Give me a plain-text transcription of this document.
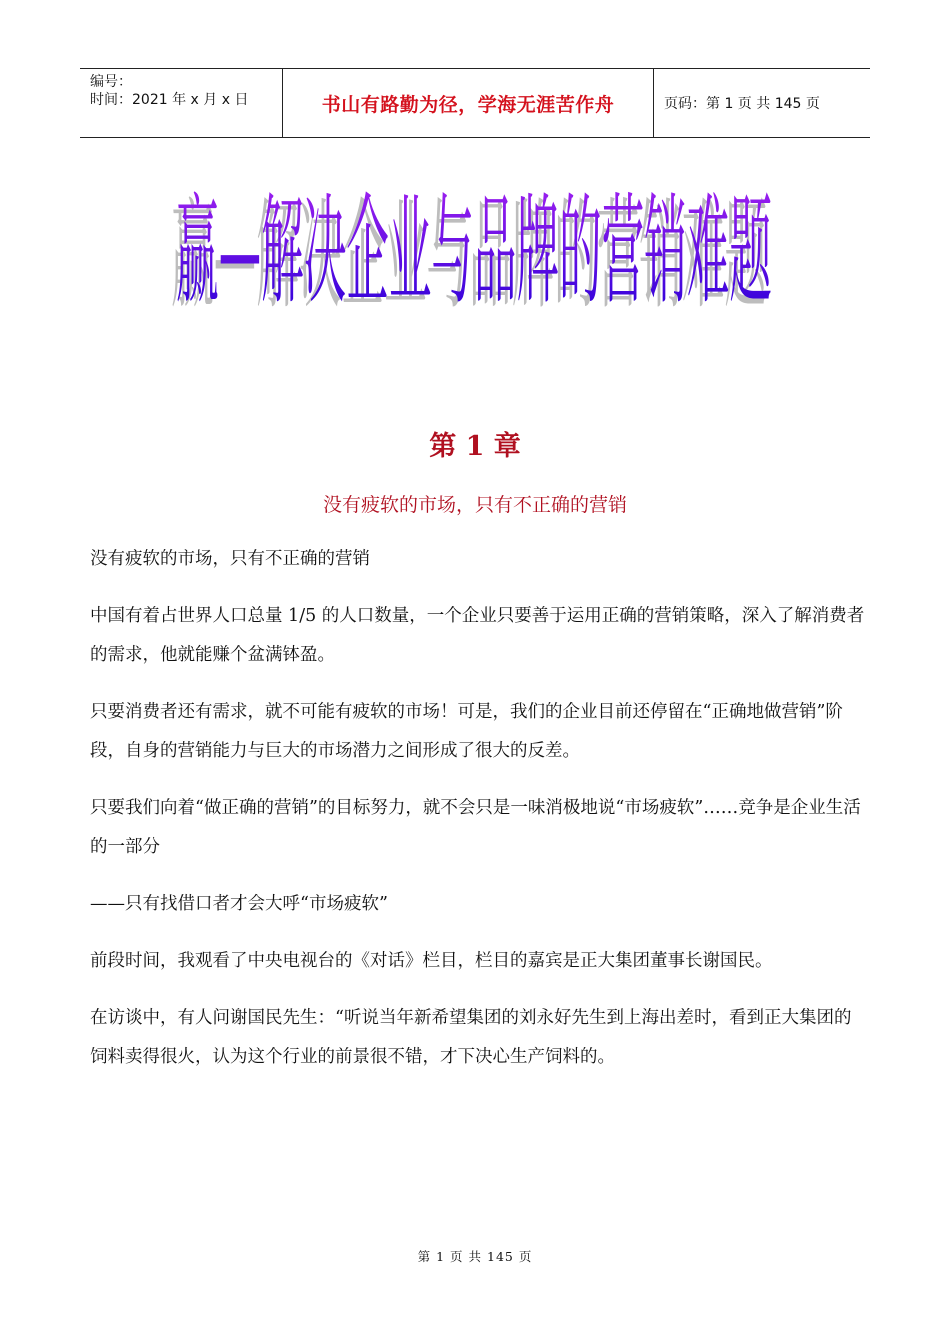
编号：
时间：2021 年 x 月 x 日	书山有路勤为径，学海无涯苦作舟	页码：第 1 页 共 145 页
赢—解决企业与品牌的营销难题
赢—解决企业与品牌的营销难题
第 1 章
没有疲软的市场，只有不正确的营销

没有疲软的市场，只有不正确的营销

中国有着占世界人口总量 1/5 的人口数量，一个企业只要善于运用正确的营销策略，深入了解消费者的需求，他就能赚个盆满钵盈。

只要消费者还有需求，就不可能有疲软的市场！可是，我们的企业目前还停留在“正确地做营销”阶段，自身的营销能力与巨大的市场潜力之间形成了很大的反差。

只要我们向着“做正确的营销”的目标努力，就不会只是一味消极地说“市场疲软”……竞争是企业生活的一部分

——只有找借口者才会大呼“市场疲软”

前段时间，我观看了中央电视台的《对话》栏目，栏目的嘉宾是正大集团董事长谢国民。

在访谈中，有人问谢国民先生：“听说当年新希望集团的刘永好先生到上海出差时，看到正大集团的饲料卖得很火，认为这个行业的前景很不错，才下决心生产饲料的。

第 1 页 共 145 页
